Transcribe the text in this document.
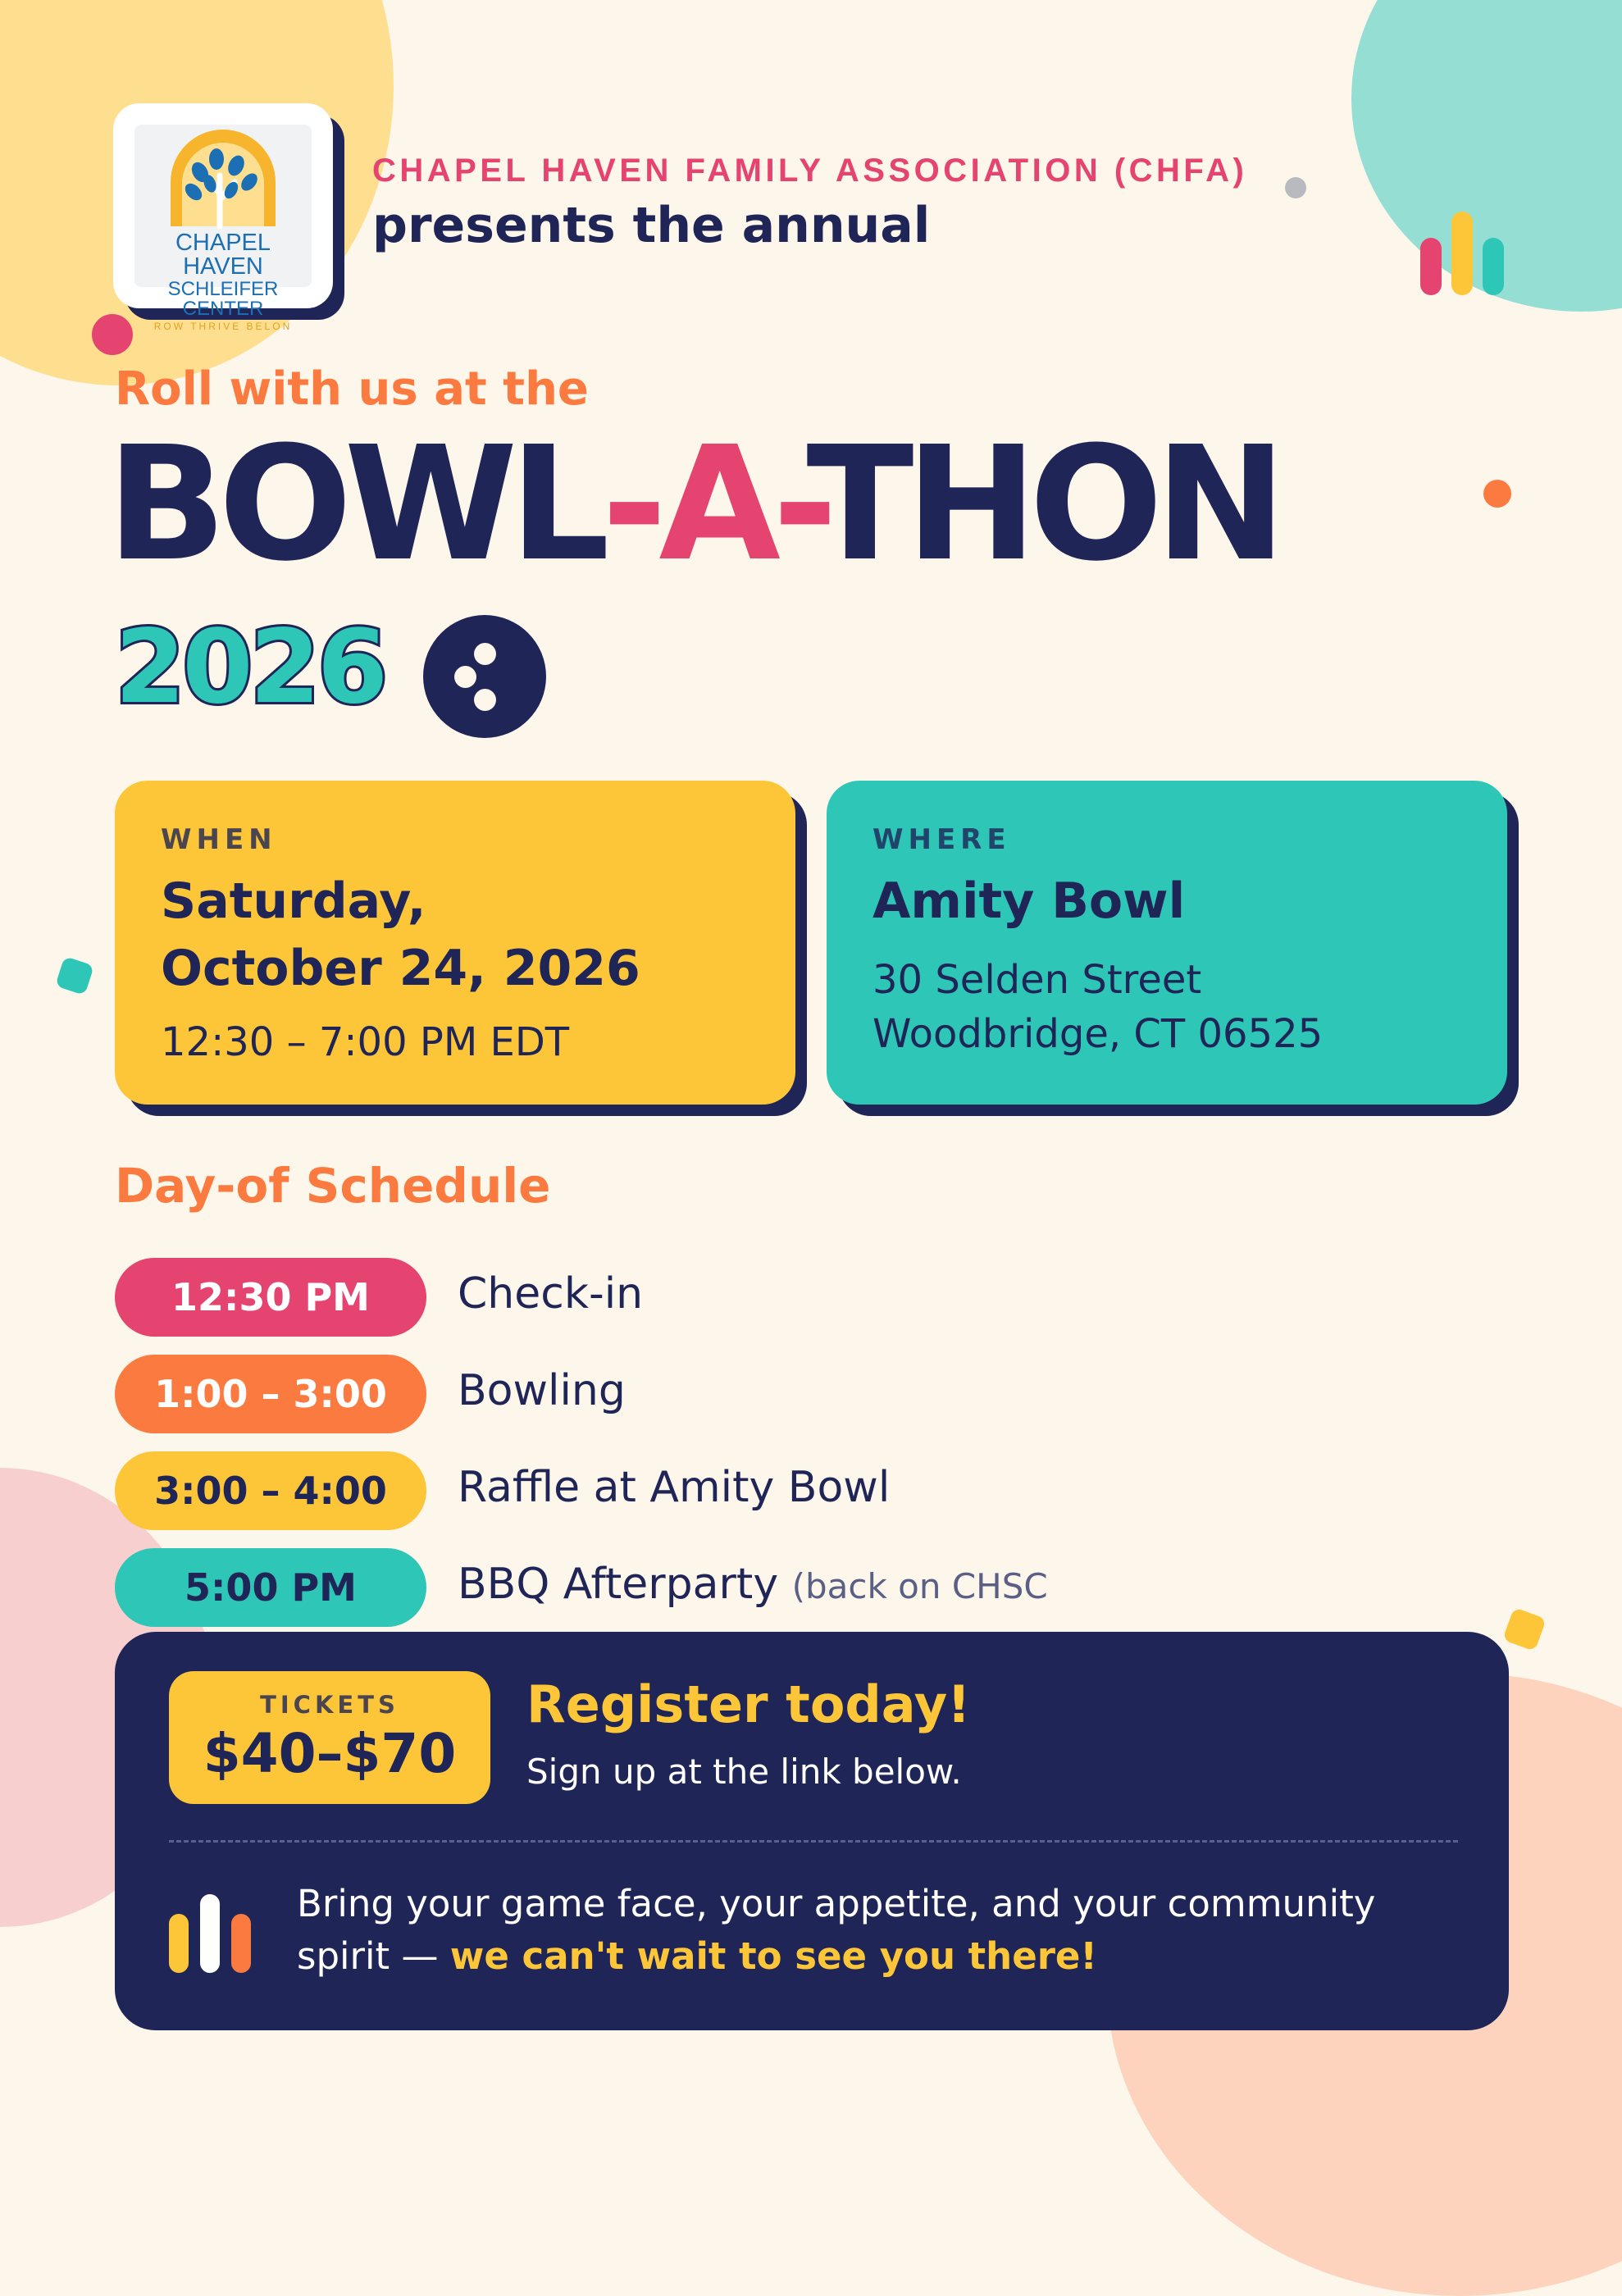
CHAPEL HAVEN
SCHLEIFER CENTER
ROW THRIVE BELON
CHAPEL HAVEN FAMILY ASSOCIATION (CHFA)
presents the annual
Roll with us at the
BOWL-A-THON
2026
WHEN
Saturday,
October 24, 2026
12:30 – 7:00 PM EDT
WHERE
Amity Bowl
30 Selden Street
Woodbridge, CT 06525
Day-of Schedule
12:30 PM	Check-in
1:00 – 3:00	Bowling
3:00 – 4:00	Raffle at Amity Bowl
5:00 PM	BBQ Afterparty (back on CHSC
TICKETS
$40–$70
Register today!
Sign up at the link below.
Bring your game face, your appetite, and your community spirit — we can't wait to see you there!
